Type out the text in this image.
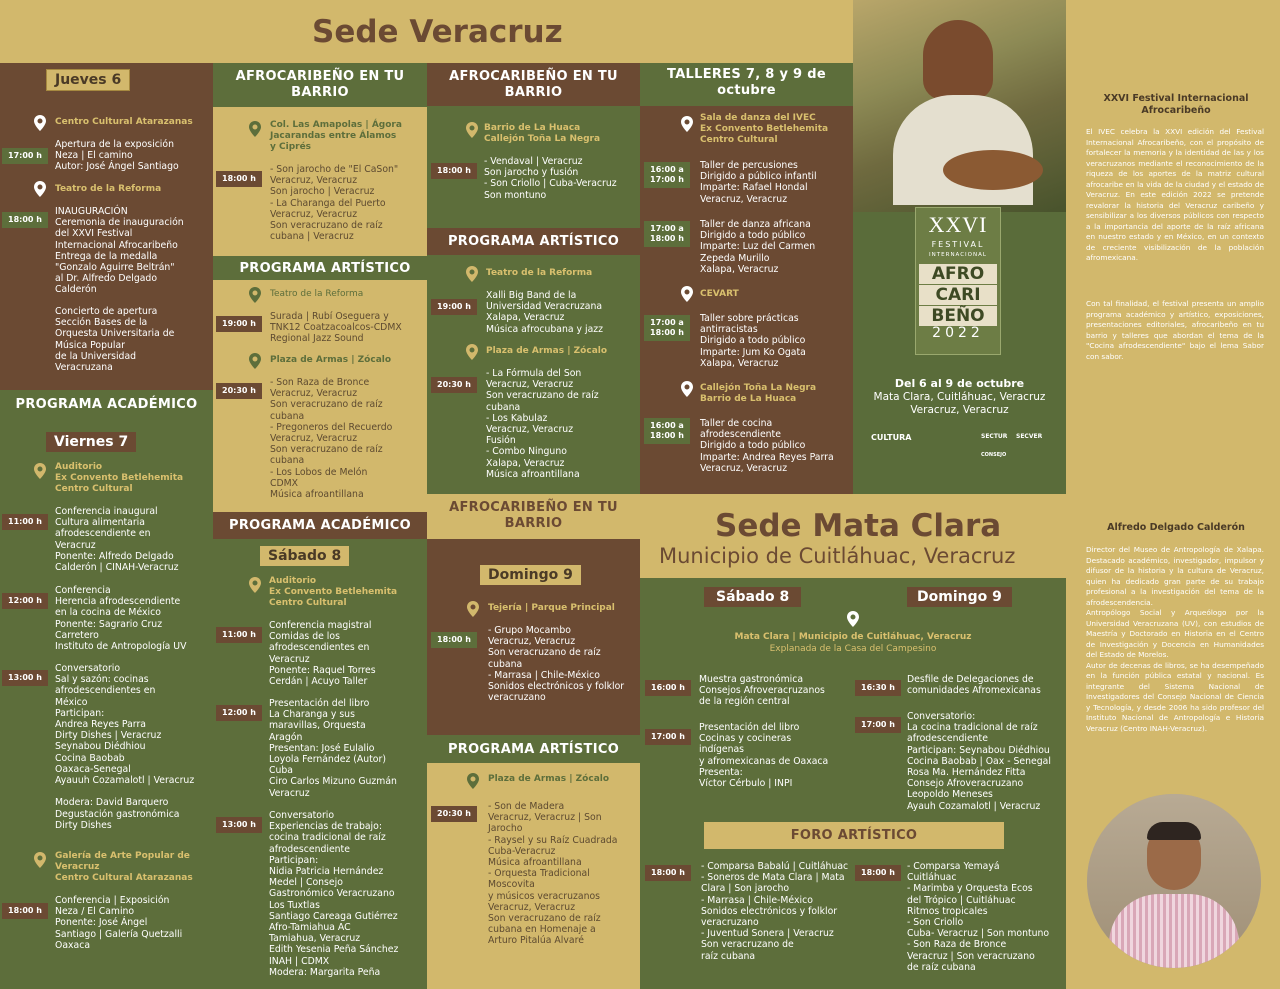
Sede Veracruz
PROGRAMA ACADÉMICO
Jueves 6
Centro Cultural Atarazanas
17:00 h
Apertura de la exposición
Neza | El camino
Autor: José Ángel Santiago
Teatro de la Reforma
18:00 h
INAUGURACIÓN
Ceremonia de inauguración
del XXVI Festival
Internacional Afrocaribeño
Entrega de la medalla
"Gonzalo Aguirre Beltrán"
al Dr. Alfredo Delgado
Calderón
Concierto de apertura
Sección Bases de la
Orquesta Universitaria de
Música Popular
de la Universidad
Veracruzana
Viernes 7
Auditorio
Ex Convento Betlehemita
Centro Cultural
11:00 h
Conferencia inaugural
Cultura alimentaria
afrodescendiente en
Veracruz
Ponente: Alfredo Delgado
Calderón | CINAH-Veracruz
12:00 h
Conferencia
Herencia afrodescendiente
en la cocina de México
Ponente: Sagrario Cruz
Carretero
Instituto de Antropología UV
13:00 h
Conversatorio
Sal y sazón: cocinas
afrodescendientes en
México
Participan:
Andrea Reyes Parra
Dirty Dishes | Veracruz
Seynabou Diédhiou
Cocina Baobab
Oaxaca-Senegal
Ayauuh Cozamalotl | Veracruz

Modera: David Barquero
Degustación gastronómica
Dirty Dishes
Galería de Arte Popular de
Veracruz
Centro Cultural Atarazanas
18:00 h
Conferencia | Exposición
Neza / El Camino
Ponente: José Ángel
Santiago | Galería Quetzalli
Oaxaca
AFROCARIBEÑO EN TU BARRIO
Col. Las Amapolas | Ágora
Jacarandas entre Álamos
y Ciprés
18:00 h
- Son jarocho de "El CaSon"
Veracruz, Veracruz
Son jarocho | Veracruz
- La Charanga del Puerto
Veracruz, Veracruz
Son veracruzano de raíz
cubana | Veracruz
PROGRAMA ARTÍSTICO
Teatro de la Reforma
19:00 h
Surada | Rubí Oseguera y
TNK12 Coatzacoalcos-CDMX
Regional Jazz Sound
Plaza de Armas | Zócalo
20:30 h
- Son Raza de Bronce
Veracruz, Veracruz
Son veracruzano de raíz
cubana
- Pregoneros del Recuerdo
Veracruz, Veracruz
Son veracruzano de raíz
cubana
- Los Lobos de Melón
CDMX
Música afroantillana
PROGRAMA ACADÉMICO
Sábado 8
Auditorio
Ex Convento Betlehemita
Centro Cultural
11:00 h
Conferencia magistral
Comidas de los
afrodescendientes en
Veracruz
Ponente: Raquel Torres
Cerdán | Acuyo Taller
12:00 h
Presentación del libro
La Charanga y sus
maravillas, Orquesta
Aragón
Presentan: José Eulalio
Loyola Fernández (Autor)
Cuba
Ciro Carlos Mizuno Guzmán
Veracruz
13:00 h
Conversatorio
Experiencias de trabajo:
cocina tradicional de raíz
afrodescendiente
Participan:
Nidia Patricia Hernández
Medel | Consejo
Gastronómico Veracruzano
Los Tuxtlas
Santiago Careaga Gutiérrez
Afro-Tamiahua AC
Tamiahua, Veracruz
Edith Yesenia Peña Sánchez
INAH | CDMX
Modera: Margarita Peña
AFROCARIBEÑO EN TU BARRIO
Barrio de La Huaca
Callejón Toña La Negra
18:00 h
- Vendaval | Veracruz
Son jarocho y fusión
- Son Criollo | Cuba-Veracruz
Son montuno
PROGRAMA ARTÍSTICO
Teatro de la Reforma
19:00 h
Xalli Big Band de la
Universidad Veracruzana
Xalapa, Veracruz
Música afrocubana y jazz
Plaza de Armas | Zócalo
20:30 h
- La Fórmula del Son
Veracruz, Veracruz
Son veracruzano de raíz
cubana
- Los Kabulaz
Veracruz, Veracruz
Fusión
- Combo Ninguno
Xalapa, Veracruz
Música afroantillana
AFROCARIBEÑO EN TU BARRIO
Domingo 9
Tejería | Parque Principal
18:00 h
- Grupo Mocambo
Veracruz, Veracruz
Son veracruzano de raíz
cubana
- Marrasa | Chile-México
Sonidos electrónicos y folklor
veracruzano
PROGRAMA ARTÍSTICO
Plaza de Armas | Zócalo
20:30 h
- Son de Madera
Veracruz, Veracruz | Son
Jarocho
- Raysel y su Raíz Cuadrada
Cuba-Veracruz
Música afroantillana
- Orquesta Tradicional
Moscovita
y músicos veracruzanos
Veracruz, Veracruz
Son veracruzano de raíz
cubana en Homenaje a
Arturo Pitalúa Alvaré
TALLERES 7, 8 y 9 de octubre
Sala de danza del IVEC
Ex Convento Betlehemita
Centro Cultural
16:00 a
17:00 h
Taller de percusiones
Dirigido a público infantil
Imparte: Rafael Hondal
Veracruz, Veracruz
17:00 a
18:00 h
Taller de danza africana
Dirigido a todo público
Imparte: Luz del Carmen
Zepeda Murillo
Xalapa, Veracruz
CEVART
17:00 a
18:00 h
Taller sobre prácticas
antirracistas
Dirigido a todo público
Imparte: Jum Ko Ogata
Xalapa, Veracruz
Callejón Toña La Negra
Barrio de La Huaca
16:00 a
18:00 h
Taller de cocina
afrodescendiente
Dirigido a todo público
Imparte: Andrea Reyes Parra
Veracruz, Veracruz
XXVI
FESTIVAL
INTERNACIONAL
AFRO
CARI
BEÑO
2022
Del 6 al 9 de octubre
Mata Clara, Cuitláhuac, Veracruz
Veracruz, Veracruz
CULTURA	SECTUR SECVER
CONSEJO
Sede Mata Clara
Municipio de Cuitláhuac, Veracruz
Sábado 8	Domingo 9
Mata Clara | Municipio de Cuitláhuac, Veracruz
Explanada de la Casa del Campesino
16:00 h
Muestra gastronómica
Consejos Afroveracruzanos
de la región central
17:00 h
Presentación del libro
Cocinas y cocineras
indígenas
y afromexicanas de Oaxaca
Presenta:
Víctor Cérbulo | INPI
16:30 h
Desfile de Delegaciones de
comunidades Afromexicanas
17:00 h
Conversatorio:
La cocina tradicional de raíz
afrodescendiente
Participan: Seynabou Diédhiou
Cocina Baobab | Oax - Senegal
Rosa Ma. Hernández Fitta
Consejo Afroveracruzano
Leopoldo Meneses
Ayauh Cozamalotl | Veracruz
FORO ARTÍSTICO
18:00 h
- Comparsa Babalú | Cuitláhuac
- Soneros de Mata Clara | Mata
Clara | Son jarocho
- Marrasa | Chile-México
Sonidos electrónicos y folklor
veracruzano
- Juventud Sonera | Veracruz
Son veracruzano de
raíz cubana
18:00 h
- Comparsa Yemayá
Cuitláhuac
- Marimba y Orquesta Ecos
del Trópico | Cuitláhuac
Ritmos tropicales
- Son Criollo
Cuba- Veracruz | Son montuno
- Son Raza de Bronce
Veracruz | Son veracruzano
de raíz cubana
XXVI Festival Internacional
Afrocaribeño
El IVEC celebra la XXVI edición del Festival Internacional Afrocaribeño, con el propósito de fortalecer la memoria y la identidad de las y los veracruzanos mediante el reconocimiento de la riqueza de los aportes de la matriz cultural afrocaribe en la vida de la ciudad y el estado de Veracruz. En este edición 2022 se pretende revalorar la historia del Veracruz caribeño y sensibilizar a los diversos públicos con respecto a la importancia del aporte de la raíz africana en nuestro estado y en México, en un contexto de creciente visibilización de la población afromexicana.
Con tal finalidad, el festival presenta un amplio programa académico y artístico, exposiciones, presentaciones editoriales, afrocaribeño en tu barrio y talleres que abordan el tema de la "Cocina afrodescendiente" bajo el lema Sabor con sabor.
Alfredo Delgado Calderón
Director del Museo de Antropología de Xalapa. Destacado académico, investigador, impulsor y difusor de la historia y la cultura de Veracruz, quien ha dedicado gran parte de su trabajo profesional a la investigación del tema de la afrodescendencia.
Antropólogo Social y Arqueólogo por la Universidad Veracruzana (UV), con estudios de Maestría y Doctorado en Historia en el Centro de Investigación y Docencia en Humanidades del Estado de Morelos.
Autor de decenas de libros, se ha desempeñado en la función pública estatal y nacional. Es integrante del Sistema Nacional de Investigadores del Consejo Nacional de Ciencia y Tecnología, y desde 2006 ha sido profesor del Instituto Nacional de Antropología e Historia Veracruz (Centro INAH-Veracruz).
